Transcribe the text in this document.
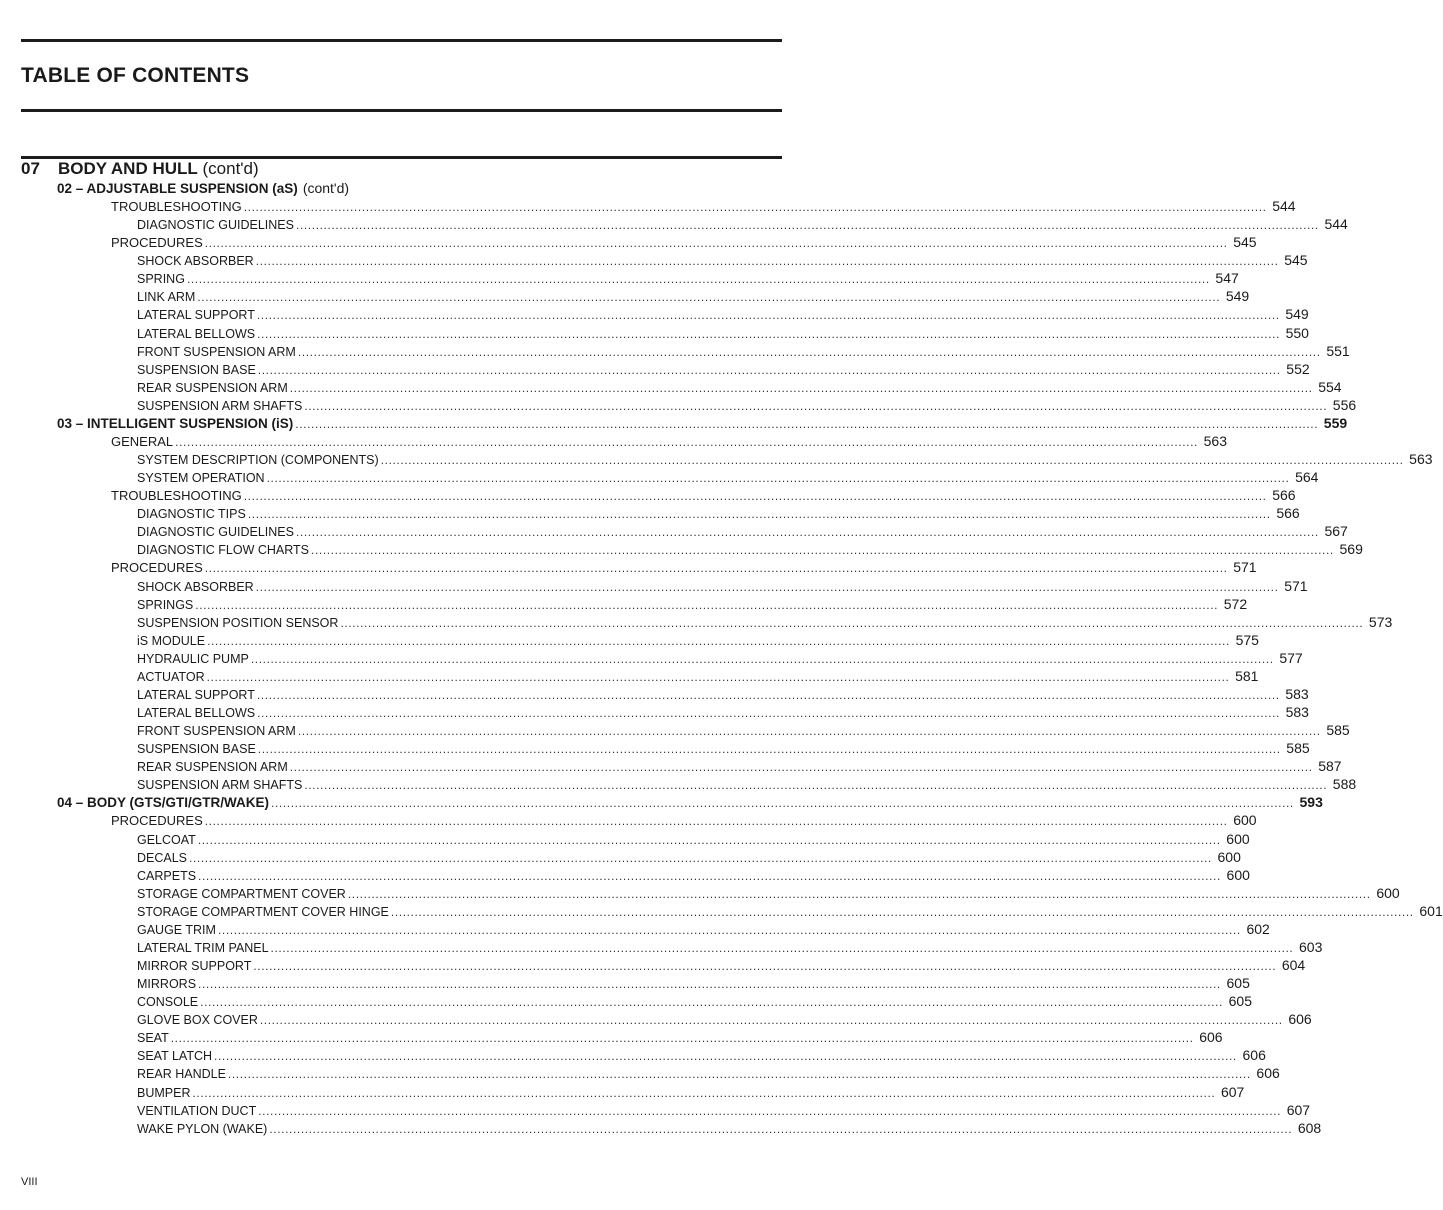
TABLE OF CONTENTS
07 BODY AND HULL (cont'd)
02 – ADJUSTABLE SUSPENSION (aS) (cont'd)
TROUBLESHOOTING .................................................................................................................................................................................................................................................................... 544
DIAGNOSTIC GUIDELINES .................................................................................................................................................................................................................................................................... 544
PROCEDURES .................................................................................................................................................................................................................................................................... 545
SHOCK ABSORBER .................................................................................................................................................................................................................................................................... 545
SPRING .................................................................................................................................................................................................................................................................... 547
LINK ARM .................................................................................................................................................................................................................................................................... 549
LATERAL SUPPORT .................................................................................................................................................................................................................................................................... 549
LATERAL BELLOWS .................................................................................................................................................................................................................................................................... 550
FRONT SUSPENSION ARM .................................................................................................................................................................................................................................................................... 551
SUSPENSION BASE .................................................................................................................................................................................................................................................................... 552
REAR SUSPENSION ARM .................................................................................................................................................................................................................................................................... 554
SUSPENSION ARM SHAFTS .................................................................................................................................................................................................................................................................... 556
03 – INTELLIGENT SUSPENSION (iS) .................................................................................................................................................................................................................................................................... 559
GENERAL .................................................................................................................................................................................................................................................................... 563
SYSTEM DESCRIPTION (COMPONENTS) .................................................................................................................................................................................................................................................................... 563
SYSTEM OPERATION .................................................................................................................................................................................................................................................................... 564
TROUBLESHOOTING .................................................................................................................................................................................................................................................................... 566
DIAGNOSTIC TIPS .................................................................................................................................................................................................................................................................... 566
DIAGNOSTIC GUIDELINES .................................................................................................................................................................................................................................................................... 567
DIAGNOSTIC FLOW CHARTS .................................................................................................................................................................................................................................................................... 569
PROCEDURES .................................................................................................................................................................................................................................................................... 571
SHOCK ABSORBER .................................................................................................................................................................................................................................................................... 571
SPRINGS .................................................................................................................................................................................................................................................................... 572
SUSPENSION POSITION SENSOR .................................................................................................................................................................................................................................................................... 573
iS MODULE .................................................................................................................................................................................................................................................................... 575
HYDRAULIC PUMP .................................................................................................................................................................................................................................................................... 577
ACTUATOR .................................................................................................................................................................................................................................................................... 581
LATERAL SUPPORT .................................................................................................................................................................................................................................................................... 583
LATERAL BELLOWS .................................................................................................................................................................................................................................................................... 583
FRONT SUSPENSION ARM .................................................................................................................................................................................................................................................................... 585
SUSPENSION BASE .................................................................................................................................................................................................................................................................... 585
REAR SUSPENSION ARM .................................................................................................................................................................................................................................................................... 587
SUSPENSION ARM SHAFTS .................................................................................................................................................................................................................................................................... 588
04 – BODY (GTS/GTI/GTR/WAKE) .................................................................................................................................................................................................................................................................... 593
PROCEDURES .................................................................................................................................................................................................................................................................... 600
GELCOAT .................................................................................................................................................................................................................................................................... 600
DECALS .................................................................................................................................................................................................................................................................... 600
CARPETS .................................................................................................................................................................................................................................................................... 600
STORAGE COMPARTMENT COVER .................................................................................................................................................................................................................................................................... 600
STORAGE COMPARTMENT COVER HINGE .................................................................................................................................................................................................................................................................... 601
GAUGE TRIM .................................................................................................................................................................................................................................................................... 602
LATERAL TRIM PANEL .................................................................................................................................................................................................................................................................... 603
MIRROR SUPPORT .................................................................................................................................................................................................................................................................... 604
MIRRORS .................................................................................................................................................................................................................................................................... 605
CONSOLE .................................................................................................................................................................................................................................................................... 605
GLOVE BOX COVER .................................................................................................................................................................................................................................................................... 606
SEAT .................................................................................................................................................................................................................................................................... 606
SEAT LATCH .................................................................................................................................................................................................................................................................... 606
REAR HANDLE .................................................................................................................................................................................................................................................................... 606
BUMPER .................................................................................................................................................................................................................................................................... 607
VENTILATION DUCT .................................................................................................................................................................................................................................................................... 607
WAKE PYLON (WAKE) .................................................................................................................................................................................................................................................................... 608
VIII
